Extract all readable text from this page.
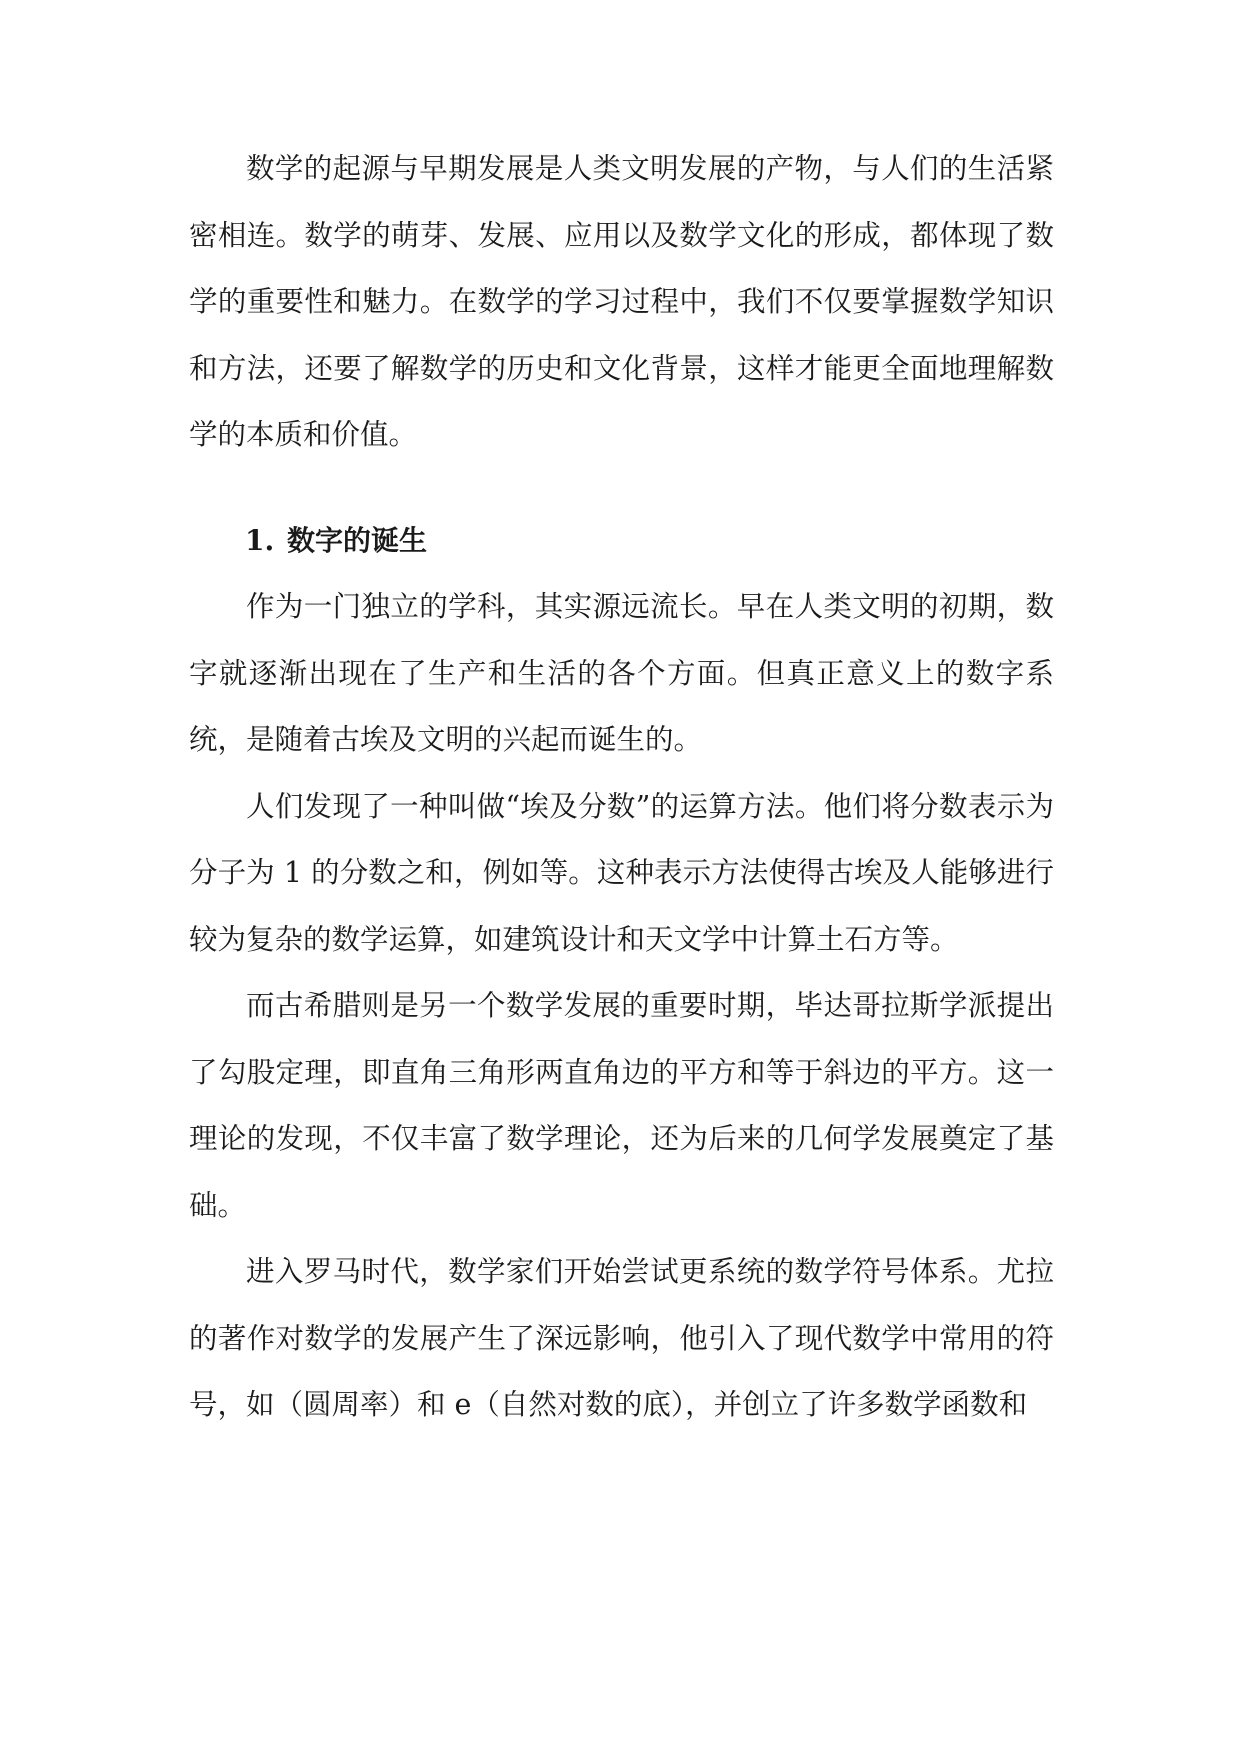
数学的起源与早期发展是人类文明发展的产物，与人们的生活紧密相连。数学的萌芽、发展、应用以及数学文化的形成，都体现了数学的重要性和魅力。在数学的学习过程中，我们不仅要掌握数学知识和方法，还要了解数学的历史和文化背景，这样才能更全面地理解数学的本质和价值。

1. 数字的诞生

作为一门独立的学科，其实源远流长。早在人类文明的初期，数字就逐渐出现在了生产和生活的各个方面。但真正意义上的数字系统，是随着古埃及文明的兴起而诞生的。

人们发现了一种叫做“埃及分数”的运算方法。他们将分数表示为分子为 1 的分数之和，例如等。这种表示方法使得古埃及人能够进行较为复杂的数学运算，如建筑设计和天文学中计算土石方等。

而古希腊则是另一个数学发展的重要时期，毕达哥拉斯学派提出了勾股定理，即直角三角形两直角边的平方和等于斜边的平方。这一理论的发现，不仅丰富了数学理论，还为后来的几何学发展奠定了基础。

进入罗马时代，数学家们开始尝试更系统的数学符号体系。尤拉的著作对数学的发展产生了深远影响，他引入了现代数学中常用的符号，如（圆周率）和 e（自然对数的底），并创立了许多数学函数和
